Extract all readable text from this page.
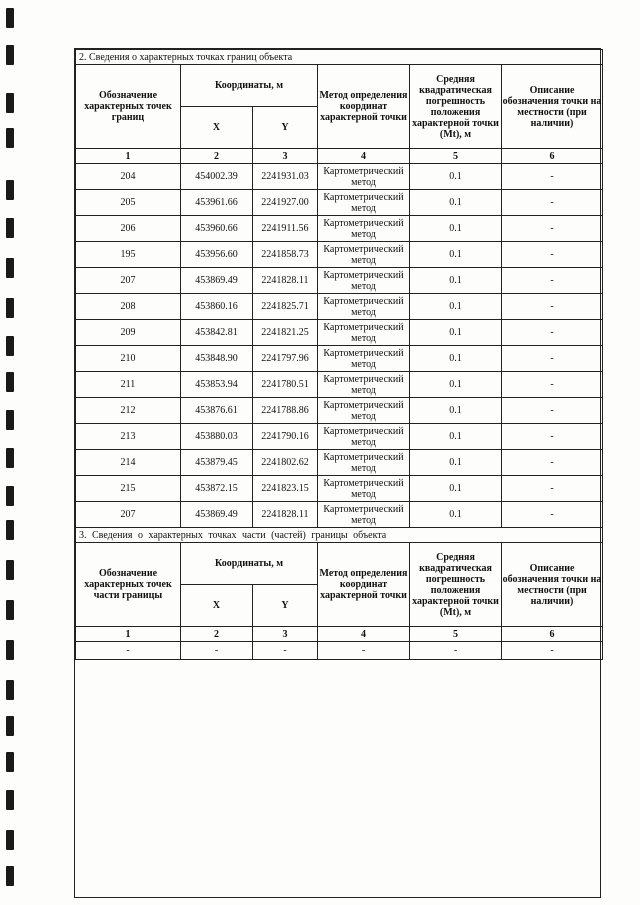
2. Сведения о характерных точках границ объекта					
Обозначение характерных точек границ	Координаты, м		Метод определения координат характерной точки	Средняя квадратическая погрешность положения характерной точки (Mt), м	Описание обозначения точки на местности (при наличии)
	X	Y			
1	2	3	4	5	6
204	454002.39	2241931.03	Картометрический метод	0.1	-
205	453961.66	2241927.00	Картометрический метод	0.1	-
206	453960.66	2241911.56	Картометрический метод	0.1	-
195	453956.60	2241858.73	Картометрический метод	0.1	-
207	453869.49	2241828.11	Картометрический метод	0.1	-
208	453860.16	2241825.71	Картометрический метод	0.1	-
209	453842.81	2241821.25	Картометрический метод	0.1	-
210	453848.90	2241797.96	Картометрический метод	0.1	-
211	453853.94	2241780.51	Картометрический метод	0.1	-
212	453876.61	2241788.86	Картометрический метод	0.1	-
213	453880.03	2241790.16	Картометрический метод	0.1	-
214	453879.45	2241802.62	Картометрический метод	0.1	-
215	453872.15	2241823.15	Картометрический метод	0.1	-
207	453869.49	2241828.11	Картометрический метод	0.1	-
3. Сведения о характерных точках части (частей) границы объекта					
Обозначение характерных точек части границы	Координаты, м		Метод определения координат характерной точки	Средняя квадратическая погрешность положения характерной точки (Mt), м	Описание обозначения точки на местности (при наличии)
	X	Y			
1	2	3	4	5	6
-	-	-	-	-	-
